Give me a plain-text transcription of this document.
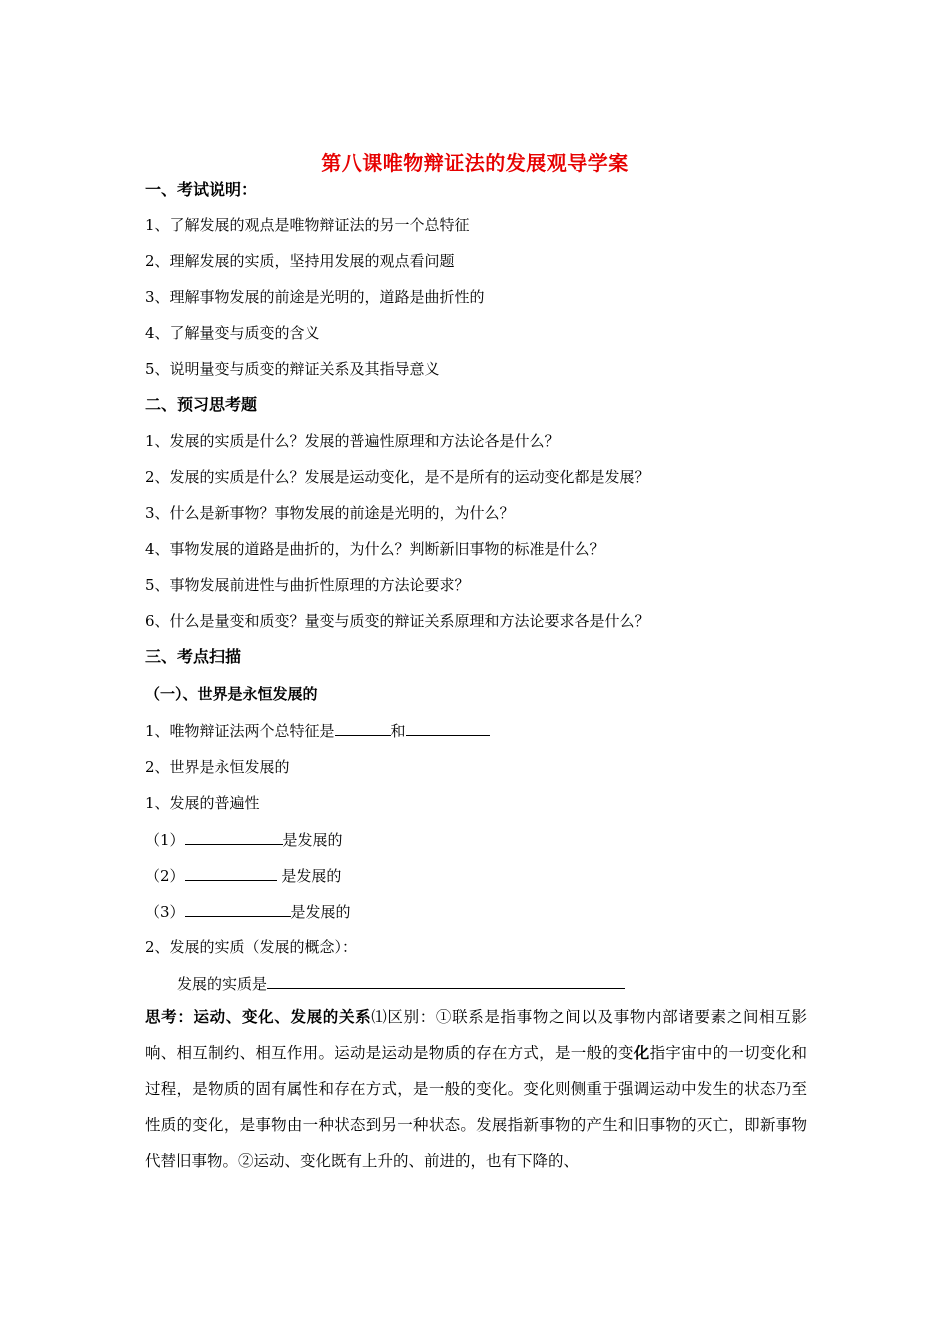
第八课唯物辩证法的发展观导学案
一、考试说明：
1、了解发展的观点是唯物辩证法的另一个总特征
2、理解发展的实质，坚持用发展的观点看问题
3、理解事物发展的前途是光明的，道路是曲折性的
4、了解量变与质变的含义
5、说明量变与质变的辩证关系及其指导意义
二、预习思考题
1、发展的实质是什么？发展的普遍性原理和方法论各是什么？
2、发展的实质是什么？发展是运动变化，是不是所有的运动变化都是发展？
3、什么是新事物？事物发展的前途是光明的，为什么？
4、事物发展的道路是曲折的，为什么？判断新旧事物的标准是什么？
5、事物发展前进性与曲折性原理的方法论要求？
6、什么是量变和质变？量变与质变的辩证关系原理和方法论要求各是什么？
三、考点扫描
（一）、世界是永恒发展的
1、唯物辩证法两个总特征是	和
2、世界是永恒发展的
1、发展的普遍性
（1）	是发展的
（2）	是发展的
（3）	是发展的
2、发展的实质（发展的概念）：
发展的实质是
思考：运动、变化、发展的关系⑴区别：①联系是指事物之间以及事物内部诸要素之间相互影响、相互制约、相互作用。运动是运动是物质的存在方式，是一般的变化指宇宙中的一切变化和过程，是物质的固有属性和存在方式，是一般的变化。变化则侧重于强调运动中发生的状态乃至性质的变化，是事物由一种状态到另一种状态。发展指新事物的产生和旧事物的灭亡，即新事物代替旧事物。②运动、变化既有上升的、前进的，也有下降的、
